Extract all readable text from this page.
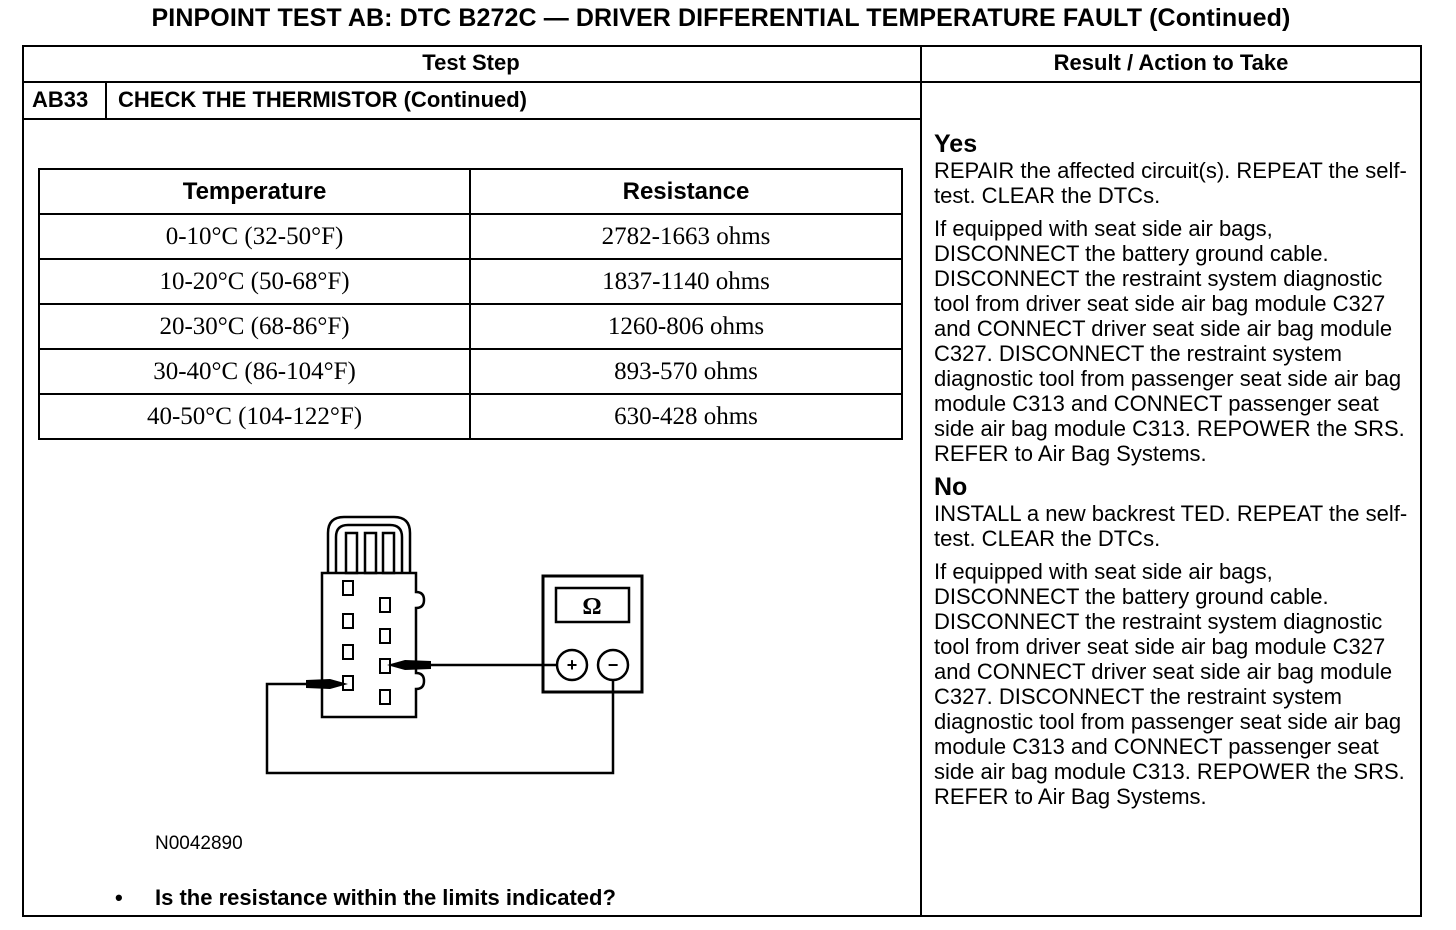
PINPOINT TEST AB: DTC B272C — DRIVER DIFFERENTIAL TEMPERATURE FAULT (Continued)
Test Step	Result / Action to Take
AB33 CHECK THE THERMISTOR (Continued)
Temperature	Resistance
0-10°C (32-50°F)	2782-1663 ohms
10-20°C (50-68°F)	1837-1140 ohms
20-30°C (68-86°F)	1260-806 ohms
30-40°C (86-104°F)	893-570 ohms
40-50°C (104-122°F)	630-428 ohms
Ω
+ −
N0042890
• Is the resistance within the limits indicated?

Yes

REPAIR the affected circuit(s). REPEAT the self-test. CLEAR the DTCs.

If equipped with seat side air bags, DISCONNECT the battery ground cable. DISCONNECT the restraint system diagnostic tool from driver seat side air bag module C327 and CONNECT driver seat side air bag module C327. DISCONNECT the restraint system diagnostic tool from passenger seat side air bag module C313 and CONNECT passenger seat side air bag module C313. REPOWER the SRS. REFER to Air Bag Systems.

No

INSTALL a new backrest TED. REPEAT the self-test. CLEAR the DTCs.

If equipped with seat side air bags, DISCONNECT the battery ground cable. DISCONNECT the restraint system diagnostic tool from driver seat side air bag module C327 and CONNECT driver seat side air bag module C327. DISCONNECT the restraint system diagnostic tool from passenger seat side air bag module C313 and CONNECT passenger seat side air bag module C313. REPOWER the SRS. REFER to Air Bag Systems.
